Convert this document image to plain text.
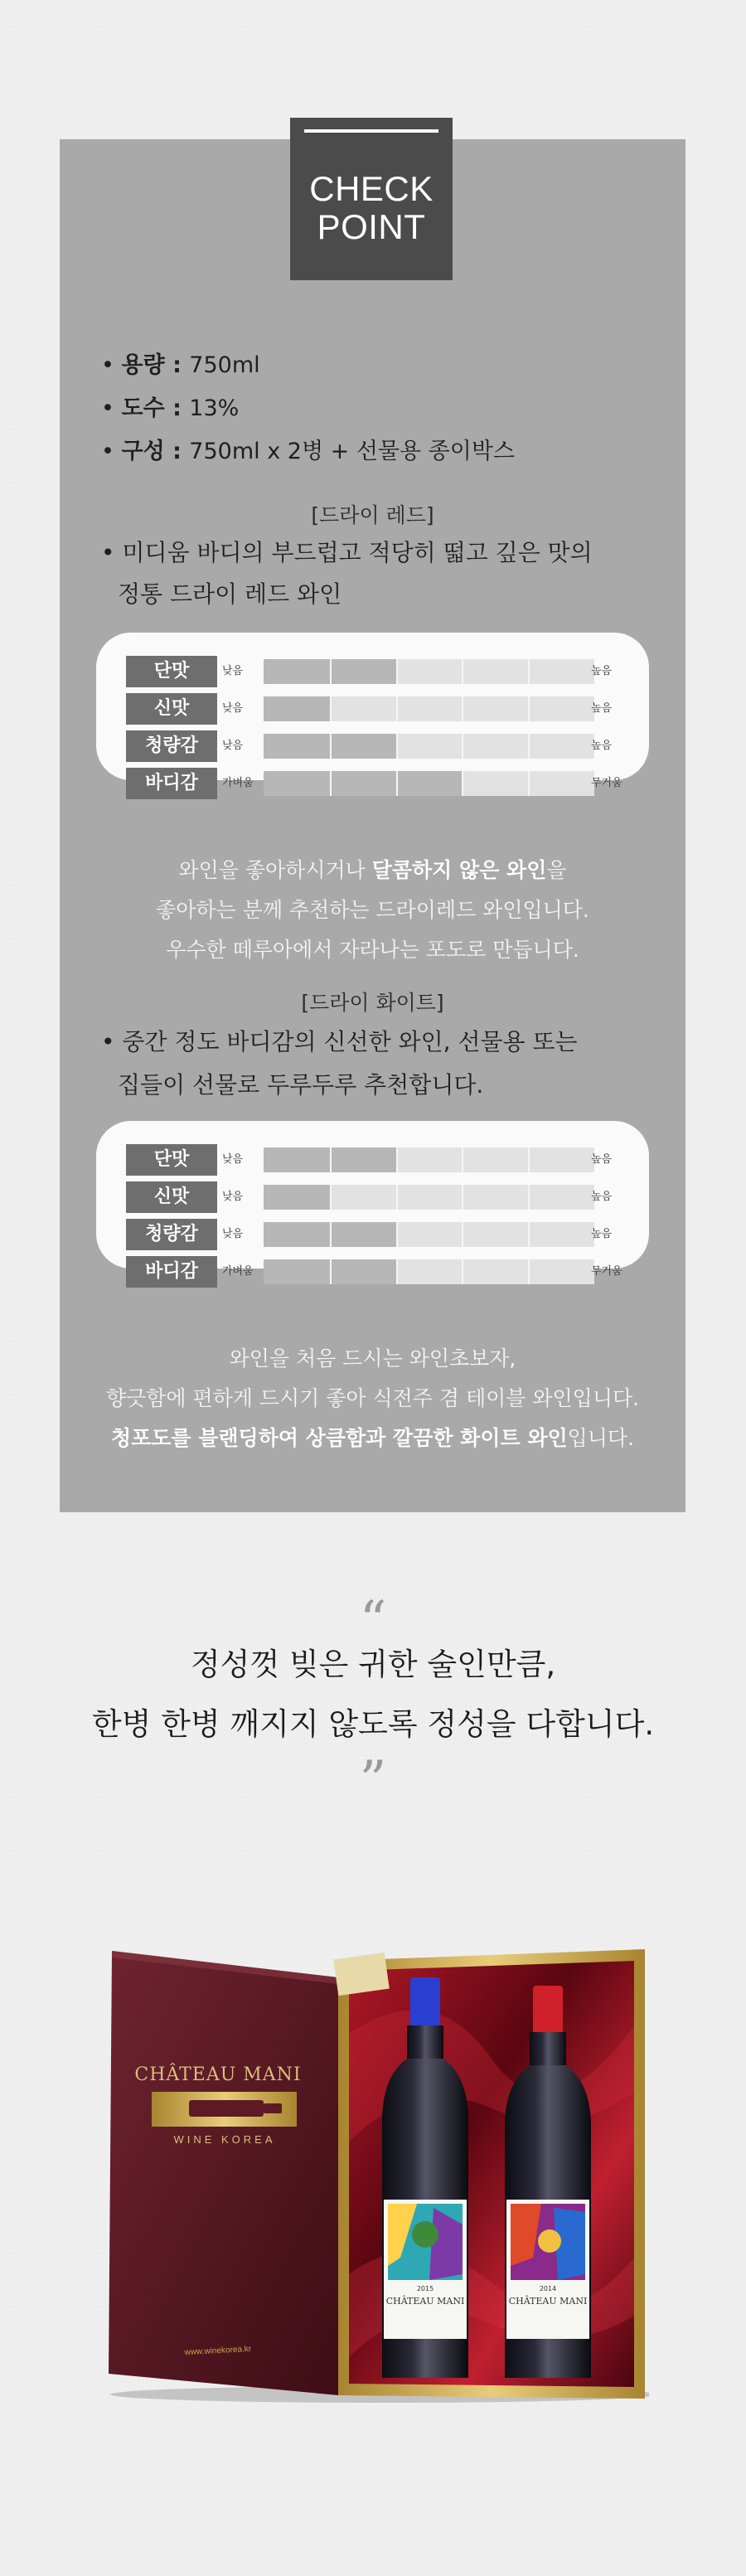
CHECK
POINT
• 용량 : 750ml
• 도수 : 13%
• 구성 : 750ml x 2병 + 선물용 종이박스
[드라이 레드]
• 미디움 바디의 부드럽고 적당히 떫고 깊은 맛의
정통 드라이 레드 와인
단맛	낮음	높음
신맛	낮음	높음
청량감	낮음	높음
바디감	가벼움	무거움
와인을 좋아하시거나 달콤하지 않은 와인을
좋아하는 분께 추천하는 드라이레드 와인입니다.
우수한 떼루아에서 자라나는 포도로 만듭니다.
[드라이 화이트]
• 중간 정도 바디감의 신선한 와인, 선물용 또는
집들이 선물로 두루두루 추천합니다.
단맛	낮음	높음
신맛	낮음	높음
청량감	낮음	높음
바디감	가벼움	무거움
와인을 처음 드시는 와인초보자,
향긋함에 편하게 드시기 좋아 식전주 겸 테이블 와인입니다.
청포도를 블랜딩하여 상큼함과 깔끔한 화이트 와인입니다.
“
정성껏 빚은 귀한 술인만큼,
한병 한병 깨지지 않도록 정성을 다합니다.
”
CHÂTEAU MANI
WINE KOREA
www.winekorea.kr
2015
CHÂTEAU MANI
2014
CHÂTEAU MANI
